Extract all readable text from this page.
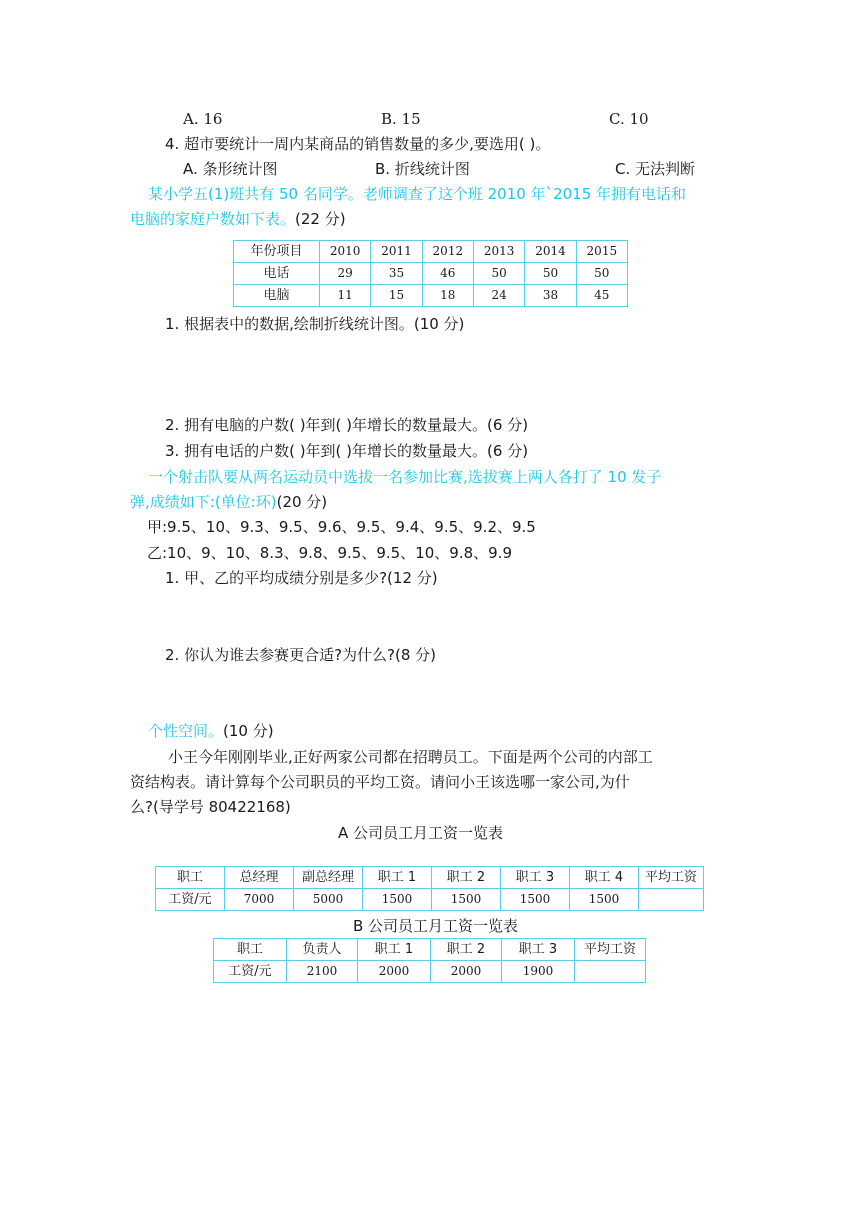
A. 16	B. 15	C. 10
4. 超市要统计一周内某商品的销售数量的多少,要选用( )。
A. 条形统计图	B. 折线统计图	C. 无法判断
某小学五(1)班共有 50 名同学。老师调查了这个班 2010 年`2015 年拥有电话和
电脑的家庭户数如下表。(22 分)
年份项目	2010	2011	2012	2013	2014	2015
电话	29	35	46	50	50	50
电脑	11	15	18	24	38	45
1. 根据表中的数据,绘制折线统计图。(10 分)
2. 拥有电脑的户数( )年到( )年增长的数量最大。(6 分)
3. 拥有电话的户数( )年到( )年增长的数量最大。(6 分)
一个射击队要从两名运动员中选拔一名参加比赛,选拔赛上两人各打了 10 发子
弹,成绩如下:(单位:环)(20 分)
甲:9.5、10、9.3、9.5、9.6、9.5、9.4、9.5、9.2、9.5
乙:10、9、10、8.3、9.8、9.5、9.5、10、9.8、9.9
1. 甲、乙的平均成绩分别是多少?(12 分)
2. 你认为谁去参赛更合适?为什么?(8 分)
个性空间。(10 分)
小王今年刚刚毕业,正好两家公司都在招聘员工。下面是两个公司的内部工
资结构表。请计算每个公司职员的平均工资。请问小王该选哪一家公司,为什
么?(导学号 80422168)
A 公司员工月工资一览表
职工	总经理	副总经理	职工 1	职工 2	职工 3	职工 4	平均工资
工资/元	7000	5000	1500	1500	1500	1500	
B 公司员工月工资一览表
职工	负责人	职工 1	职工 2	职工 3	平均工资
工资/元	2100	2000	2000	1900	
